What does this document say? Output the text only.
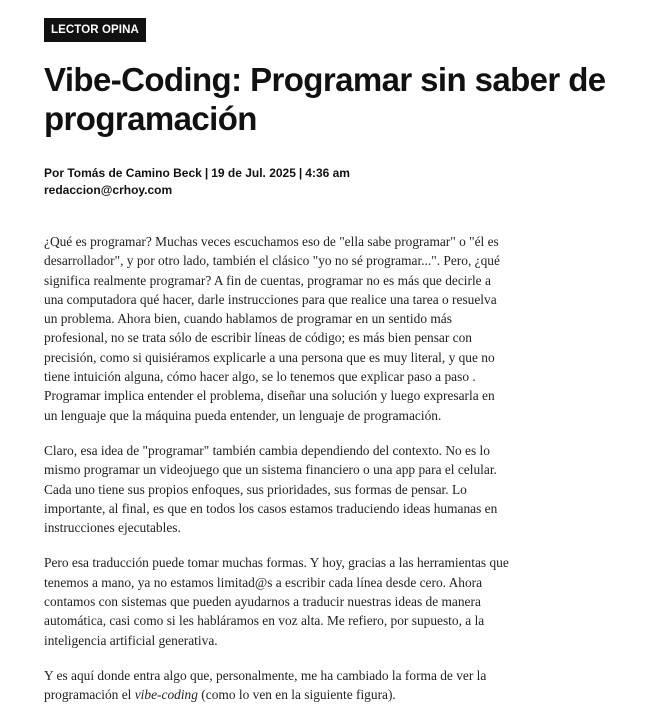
LECTOR OPINA
Vibe-Coding: Programar sin saber de programación
Por Tomás de Camino Beck | 19 de Jul. 2025 | 4:36 am
redaccion@crhoy.com

¿Qué es programar? Muchas veces escuchamos eso de "ella sabe programar" o "él es desarrollador", y por otro lado, también el clásico "yo no sé programar...". Pero, ¿qué significa realmente programar? A fin de cuentas, programar no es más que decirle a una computadora qué hacer, darle instrucciones para que realice una tarea o resuelva un problema. Ahora bien, cuando hablamos de programar en un sentido más profesional, no se trata sólo de escribir líneas de código; es más bien pensar con precisión, como si quisiéramos explicarle a una persona que es muy literal, y que no tiene intuición alguna, cómo hacer algo, se lo tenemos que explicar paso a paso . Programar implica entender el problema, diseñar una solución y luego expresarla en un lenguaje que la máquina pueda entender, un lenguaje de programación.

Claro, esa idea de "programar" también cambia dependiendo del contexto. No es lo mismo programar un videojuego que un sistema financiero o una app para el celular. Cada uno tiene sus propios enfoques, sus prioridades, sus formas de pensar. Lo importante, al final, es que en todos los casos estamos traduciendo ideas humanas en instrucciones ejecutables.

Pero esa traducción puede tomar muchas formas. Y hoy, gracias a las herramientas que tenemos a mano, ya no estamos limitad@s a escribir cada línea desde cero. Ahora contamos con sistemas que pueden ayudarnos a traducir nuestras ideas de manera automática, casi como si les habláramos en voz alta. Me refiero, por supuesto, a la inteligencia artificial generativa.

Y es aquí donde entra algo que, personalmente, me ha cambiado la forma de ver la programación el vibe-coding (como lo ven en la siguiente figura).
